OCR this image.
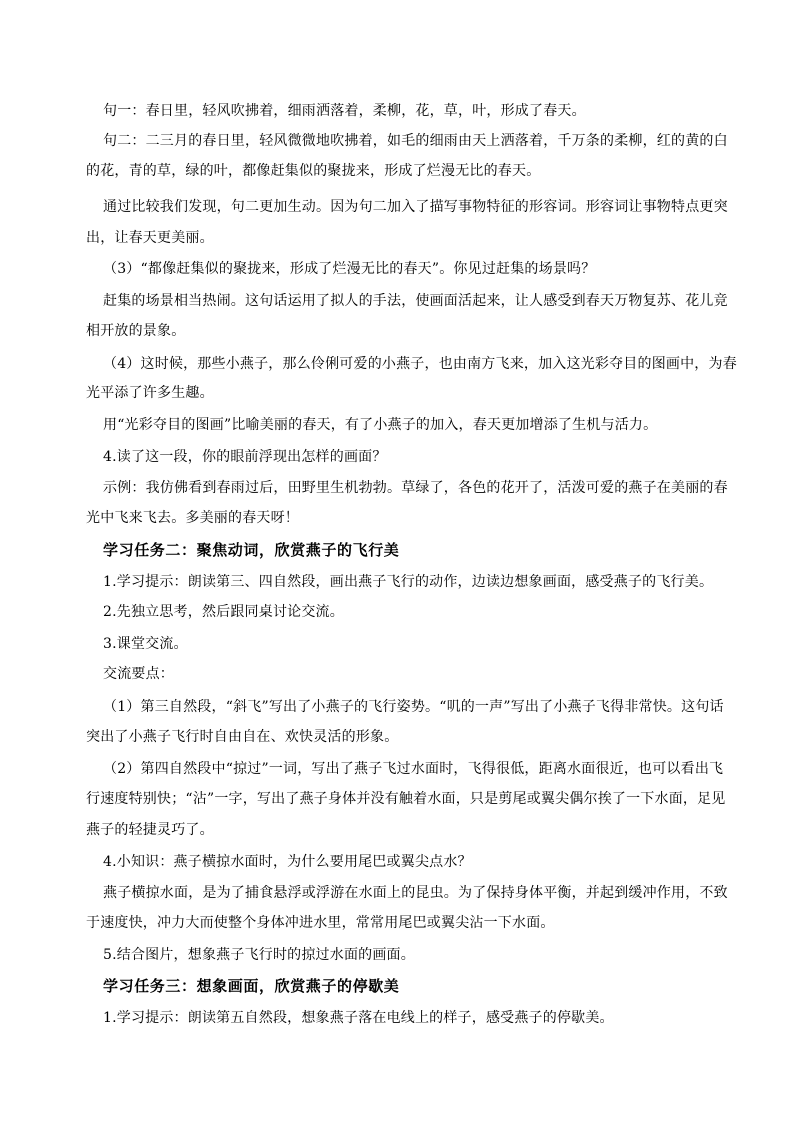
句一：春日里，轻风吹拂着，细雨洒落着，柔柳，花，草，叶，形成了春天。
句二：二三月的春日里，轻风微微地吹拂着，如毛的细雨由天上洒落着，千万条的柔柳，红的黄的白
的花，青的草，绿的叶，都像赶集似的聚拢来，形成了烂漫无比的春天。
通过比较我们发现，句二更加生动。因为句二加入了描写事物特征的形容词。形容词让事物特点更突
出，让春天更美丽。
（3）“都像赶集似的聚拢来，形成了烂漫无比的春天”。你见过赶集的场景吗？
赶集的场景相当热闹。这句话运用了拟人的手法，使画面活起来，让人感受到春天万物复苏、花儿竞
相开放的景象。
（4）这时候，那些小燕子，那么伶俐可爱的小燕子，也由南方飞来，加入这光彩夺目的图画中，为春
光平添了许多生趣。
用“光彩夺目的图画”比喻美丽的春天，有了小燕子的加入，春天更加增添了生机与活力。
4.读了这一段，你的眼前浮现出怎样的画面？
示例：我仿佛看到春雨过后，田野里生机勃勃。草绿了，各色的花开了，活泼可爱的燕子在美丽的春
光中飞来飞去。多美丽的春天呀！
学习任务二：聚焦动词，欣赏燕子的飞行美
1.学习提示：朗读第三、四自然段，画出燕子飞行的动作，边读边想象画面，感受燕子的飞行美。
2.先独立思考，然后跟同桌讨论交流。
3.课堂交流。
交流要点：
（1）第三自然段，“斜飞”写出了小燕子的飞行姿势。“叽的一声”写出了小燕子飞得非常快。这句话
突出了小燕子飞行时自由自在、欢快灵活的形象。
（2）第四自然段中“掠过”一词，写出了燕子飞过水面时，飞得很低，距离水面很近，也可以看出飞
行速度特别快；“沾”一字，写出了燕子身体并没有触着水面，只是剪尾或翼尖偶尔挨了一下水面，足见
燕子的轻捷灵巧了。
4.小知识：燕子横掠水面时，为什么要用尾巴或翼尖点水？
燕子横掠水面，是为了捕食悬浮或浮游在水面上的昆虫。为了保持身体平衡，并起到缓冲作用，不致
于速度快，冲力大而使整个身体冲进水里，常常用尾巴或翼尖沾一下水面。
5.结合图片，想象燕子飞行时的掠过水面的画面。
学习任务三：想象画面，欣赏燕子的停歇美
1.学习提示：朗读第五自然段，想象燕子落在电线上的样子，感受燕子的停歇美。
